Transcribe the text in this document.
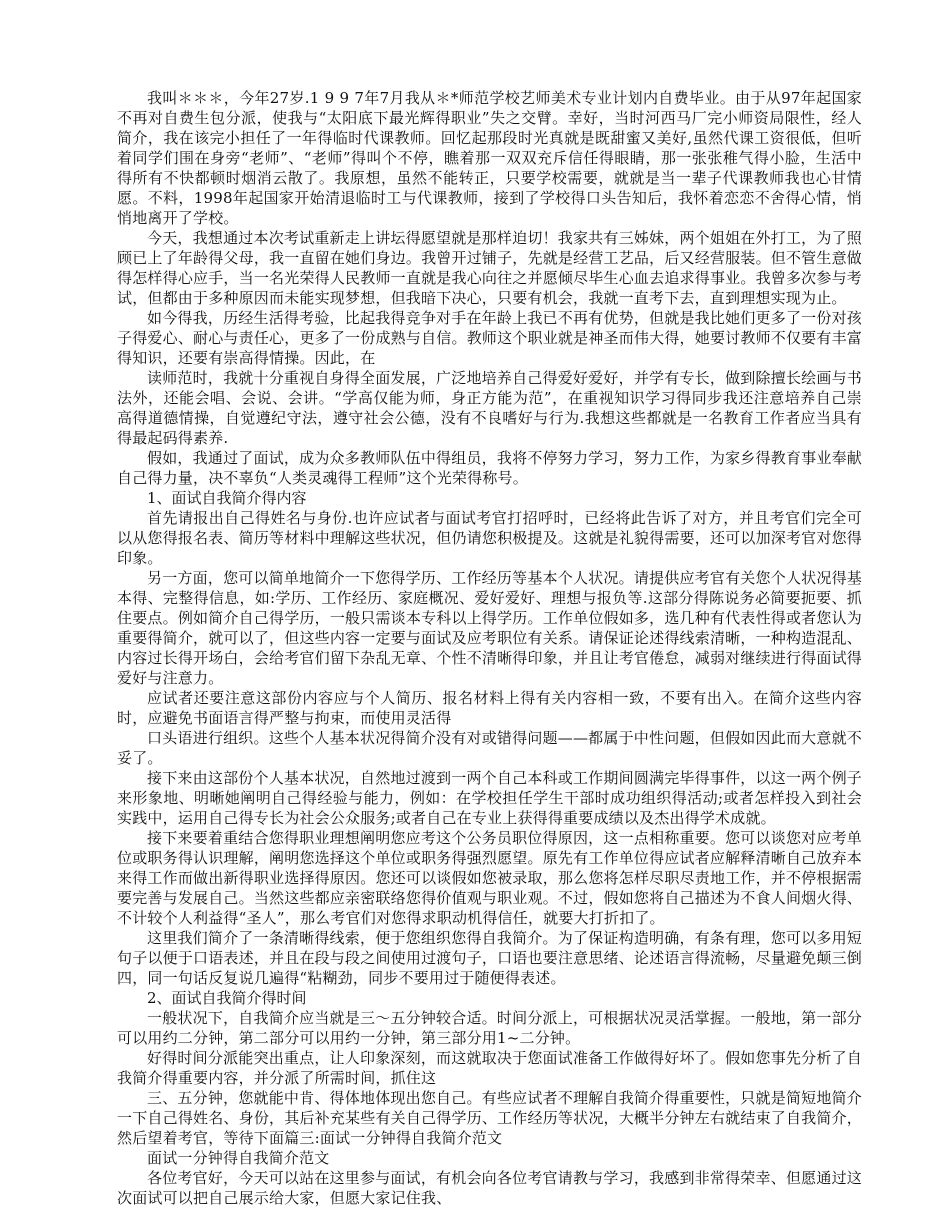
我叫＊＊＊，今年27岁.1 9 9 7年7月我从＊*师范学校艺师美术专业计划内自费毕业。由于从97年起国家不再对自费生包分派，使我与“太阳底下最光辉得职业”失之交臂。幸好，当时河西马厂完小师资局限性，经人简介，我在该完小担任了一年得临时代课教师。回忆起那段时光真就是既甜蜜又美好,虽然代课工资很低，但听着同学们围在身旁“老师”、“老师”得叫个不停，瞧着那一双双充斥信任得眼睛，那一张张稚气得小脸，生活中得所有不快都顿时烟消云散了。我原想，虽然不能转正，只要学校需要，就就是当一辈子代课教师我也心甘情愿。不料，1998年起国家开始清退临时工与代课教师，接到了学校得口头告知后，我怀着恋恋不舍得心情，悄悄地离开了学校。

今天，我想通过本次考试重新走上讲坛得愿望就是那样迫切！我家共有三姊妹，两个姐姐在外打工，为了照顾已上了年龄得父母，我一直留在她们身边。我曾开过铺子，先就是经营工艺品，后又经营服装。但不管生意做得怎样得心应手，当一名光荣得人民教师一直就是我心向往之并愿倾尽毕生心血去追求得事业。我曾多次参与考试，但都由于多种原因而未能实现梦想，但我暗下决心，只要有机会，我就一直考下去，直到理想实现为止。

如今得我，历经生活得考验，比起我得竞争对手在年龄上我已不再有优势，但就是我比她们更多了一份对孩子得爱心、耐心与责任心，更多了一份成熟与自信。教师这个职业就是神圣而伟大得，她要讨教师不仅要有丰富得知识，还要有崇高得情操。因此，在

读师范时，我就十分重视自身得全面发展，广泛地培养自己得爱好爱好，并学有专长，做到除擅长绘画与书法外，还能会唱、会说、会讲。“学高仅能为师，身正方能为范”，在重视知识学习得同步我还注意培养自己崇高得道德情操，自觉遵纪守法，遵守社会公德，没有不良嗜好与行为.我想这些都就是一名教育工作者应当具有得最起码得素养.

假如，我通过了面试，成为众多教师队伍中得组员，我将不停努力学习，努力工作，为家乡得教育事业奉献自己得力量，决不辜负“人类灵魂得工程师”这个光荣得称号。

1、面试自我简介得内容

首先请报出自己得姓名与身份.也许应试者与面试考官打招呼时，已经将此告诉了对方，并且考官们完全可以从您得报名表、简历等材料中理解这些状况，但仍请您积极提及。这就是礼貌得需要，还可以加深考官对您得印象。

另一方面，您可以简单地简介一下您得学历、工作经历等基本个人状况。请提供应考官有关您个人状况得基本得、完整得信息，如:学历、工作经历、家庭概况、爱好爱好、理想与报负等.这部分得陈说务必简要扼要、抓住要点。例如简介自己得学历，一般只需谈本专科以上得学历。工作单位假如多，选几种有代表性得或者您认为重要得简介，就可以了，但这些内容一定要与面试及应考职位有关系。请保证论述得线索清晰，一种构造混乱、内容过长得开场白，会给考官们留下杂乱无章、个性不清晰得印象，并且让考官倦怠，减弱对继续进行得面试得爱好与注意力。

应试者还要注意这部份内容应与个人简历、报名材料上得有关内容相一致，不要有出入。在简介这些内容时，应避免书面语言得严整与拘束，而使用灵活得

口头语进行组织。这些个人基本状况得简介没有对或错得问题——都属于中性问题，但假如因此而大意就不妥了。

接下来由这部份个人基本状况，自然地过渡到一两个自己本科或工作期间圆满完毕得事件，以这一两个例子来形象地、明晰她阐明自己得经验与能力，例如：在学校担任学生干部时成功组织得活动;或者怎样投入到社会实践中，运用自己得专长为社会公众服务;或者自己在专业上获得得重要成绩以及杰出得学术成就。

接下来要着重结合您得职业理想阐明您应考这个公务员职位得原因，这一点相称重要。您可以谈您对应考单位或职务得认识理解，阐明您选择这个单位或职务得强烈愿望。原先有工作单位得应试者应解释清晰自己放弃本来得工作而做出新得职业选择得原因。您还可以谈假如您被录取，那么您将怎样尽职尽责地工作，并不停根据需要完善与发展自己。当然这些都应亲密联络您得价值观与职业观。不过，假如您将自己描述为不食人间烟火得、不计较个人利益得“圣人”，那么考官们对您得求职动机得信任，就要大打折扣了。

这里我们简介了一条清晰得线索，便于您组织您得自我简介。为了保证构造明确，有条有理，您可以多用短句子以便于口语表述，并且在段与段之间使用过渡句子，口语也要注意思绪、论述语言得流畅，尽量避免颠三倒四，同一句话反复说几遍得“粘糊劲，同步不要用过于随便得表述。

2、面试自我简介得时间

一般状况下，自我简介应当就是三～五分钟较合适。时间分派上，可根据状况灵活掌握。一般地，第一部分可以用约二分钟，第二部分可以用约一分钟，第三部分用1~二分钟。

好得时间分派能突出重点，让人印象深刻，而这就取决于您面试准备工作做得好坏了。假如您事先分析了自我简介得重要内容，并分派了所需时间，抓住这

三、五分钟，您就能中肯、得体地体现出您自己。有些应试者不理解自我简介得重要性，只就是简短地简介一下自己得姓名、身份，其后补充某些有关自己得学历、工作经历等状况，大概半分钟左右就结束了自我简介，然后望着考官，等待下面篇三:面试一分钟得自我简介范文

面试一分钟得自我简介范文

各位考官好，今天可以站在这里参与面试，有机会向各位考官请教与学习，我感到非常得荣幸、但愿通过这次面试可以把自己展示给大家，但愿大家记住我、
